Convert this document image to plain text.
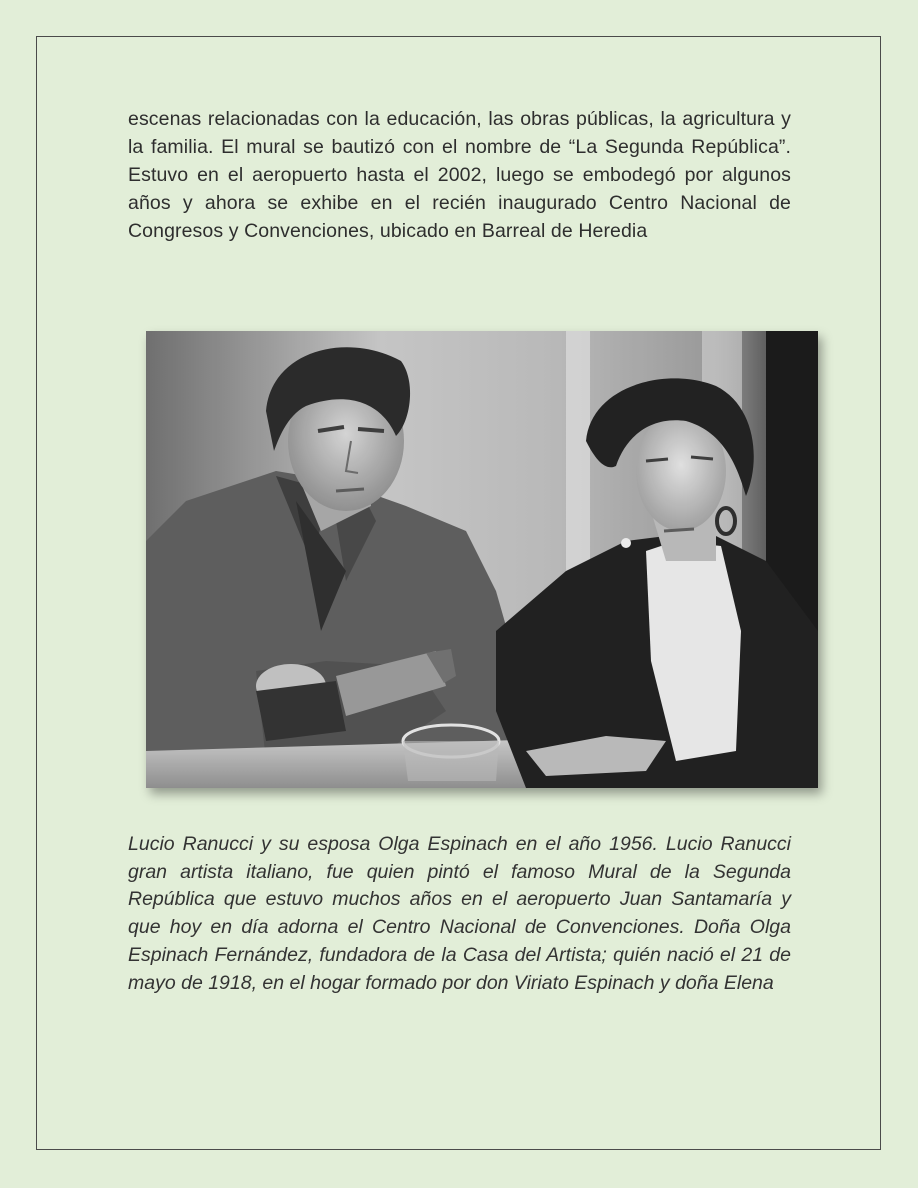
escenas relacionadas con la educación, las obras públicas, la agricultura y la familia. El mural se bautizó con el nombre de “La Segunda República”. Estuvo en el aeropuerto hasta el 2002, luego se embodegó por algunos años y ahora se exhibe en el recién inaugurado Centro Nacional de Congresos y Convenciones, ubicado en Barreal de Heredia

Lucio Ranucci y su esposa Olga Espinach en el año 1956. Lucio Ranucci gran artista italiano, fue quien pintó el famoso Mural de la Segunda República que estuvo muchos años en el aeropuerto Juan Santamaría y que hoy en día adorna el Centro Nacional de Convenciones. Doña Olga Espinach Fernández, fundadora de la Casa del Artista; quién nació el 21 de mayo de 1918, en el hogar formado por don Viriato Espinach y doña Elena
